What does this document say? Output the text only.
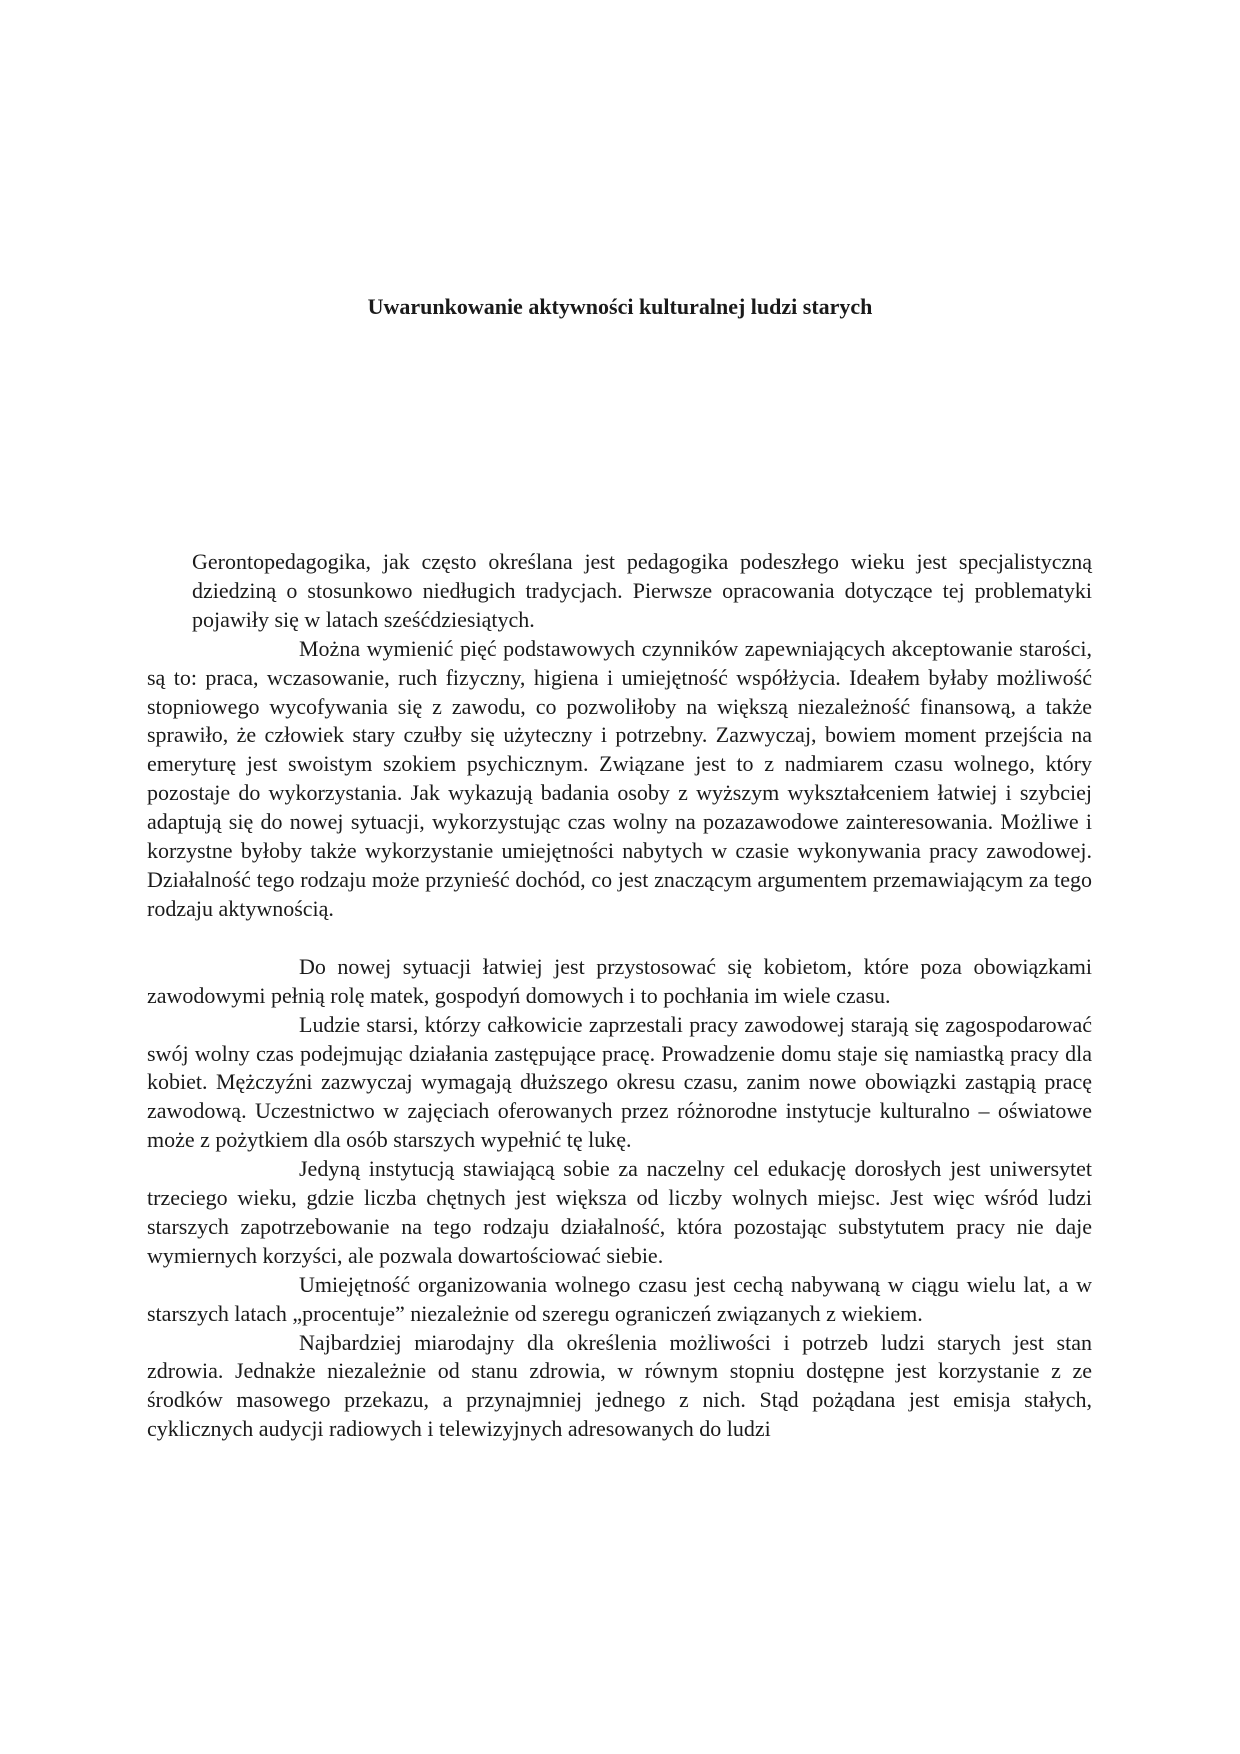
Uwarunkowanie aktywności kulturalnej ludzi starych

Gerontopedagogika, jak często określana jest pedagogika podeszłego wieku jest specjalistyczną dziedziną o stosunkowo niedługich tradycjach. Pierwsze opracowania dotyczące tej problematyki pojawiły się w latach sześćdziesiątych.

Można wymienić pięć podstawowych czynników zapewniających akceptowanie starości, są to: praca, wczasowanie, ruch fizyczny, higiena i umiejętność współżycia. Ideałem byłaby możliwość stopniowego wycofywania się z zawodu, co pozwoliłoby na większą niezależność finansową, a także sprawiło, że człowiek stary czułby się użyteczny i potrzebny. Zazwyczaj, bowiem moment przejścia na emeryturę jest swoistym szokiem psychicznym. Związane jest to z nadmiarem czasu wolnego, który pozostaje do wykorzystania. Jak wykazują badania osoby z wyższym wykształceniem łatwiej i szybciej adaptują się do nowej sytuacji, wykorzystując czas wolny na pozazawodowe zainteresowania. Możliwe i korzystne byłoby także wykorzystanie umiejętności nabytych w czasie wykonywania pracy zawodowej. Działalność tego rodzaju może przynieść dochód, co jest znaczącym argumentem przemawiającym za tego rodzaju aktywnością.

Do nowej sytuacji łatwiej jest przystosować się kobietom, które poza obowiązkami zawodowymi pełnią rolę matek, gospodyń domowych i to pochłania im wiele czasu.

Ludzie starsi, którzy całkowicie zaprzestali pracy zawodowej starają się zagospodarować swój wolny czas podejmując działania zastępujące pracę. Prowadzenie domu staje się namiastką pracy dla kobiet. Mężczyźni zazwyczaj wymagają dłuższego okresu czasu, zanim nowe obowiązki zastąpią pracę zawodową. Uczestnictwo w zajęciach oferowanych przez różnorodne instytucje kulturalno – oświatowe może z pożytkiem dla osób starszych wypełnić tę lukę.

Jedyną instytucją stawiającą sobie za naczelny cel edukację dorosłych jest uniwersytet trzeciego wieku, gdzie liczba chętnych jest większa od liczby wolnych miejsc. Jest więc wśród ludzi starszych zapotrzebowanie na tego rodzaju działalność, która pozostając substytutem pracy nie daje wymiernych korzyści, ale pozwala dowartościować siebie.

Umiejętność organizowania wolnego czasu jest cechą nabywaną w ciągu wielu lat, a w starszych latach „procentuje” niezależnie od szeregu ograniczeń związanych z wiekiem.

Najbardziej miarodajny dla określenia możliwości i potrzeb ludzi starych jest stan zdrowia. Jednakże niezależnie od stanu zdrowia, w równym stopniu dostępne jest korzystanie z ze środków masowego przekazu, a przynajmniej jednego z nich. Stąd pożądana jest emisja stałych, cyklicznych audycji radiowych i telewizyjnych adresowanych do ludzi
